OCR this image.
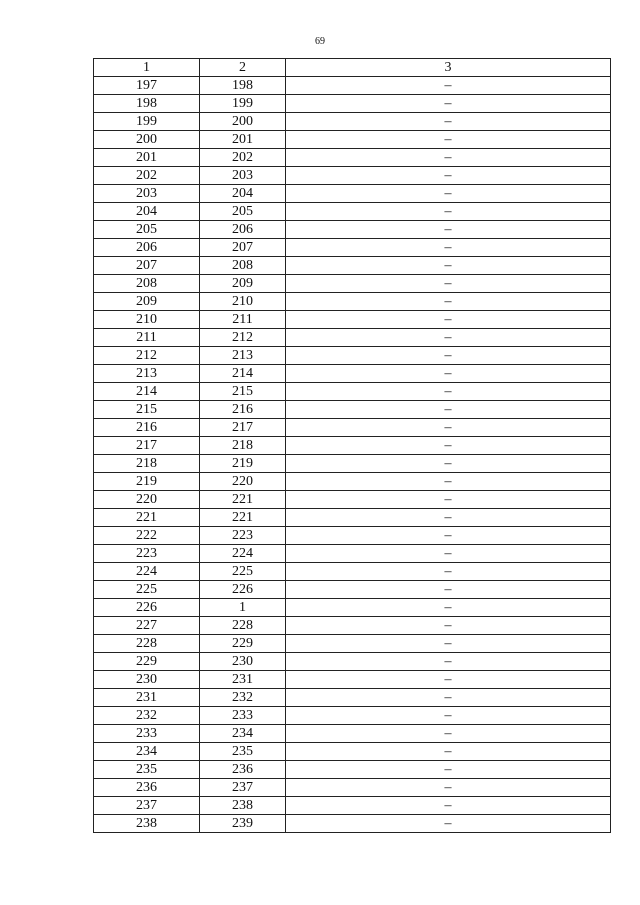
69
1	2	3
197	198	–
198	199	–
199	200	–
200	201	–
201	202	–
202	203	–
203	204	–
204	205	–
205	206	–
206	207	–
207	208	–
208	209	–
209	210	–
210	211	–
211	212	–
212	213	–
213	214	–
214	215	–
215	216	–
216	217	–
217	218	–
218	219	–
219	220	–
220	221	–
221	221	–
222	223	–
223	224	–
224	225	–
225	226	–
226	1	–
227	228	–
228	229	–
229	230	–
230	231	–
231	232	–
232	233	–
233	234	–
234	235	–
235	236	–
236	237	–
237	238	–
238	239	–
